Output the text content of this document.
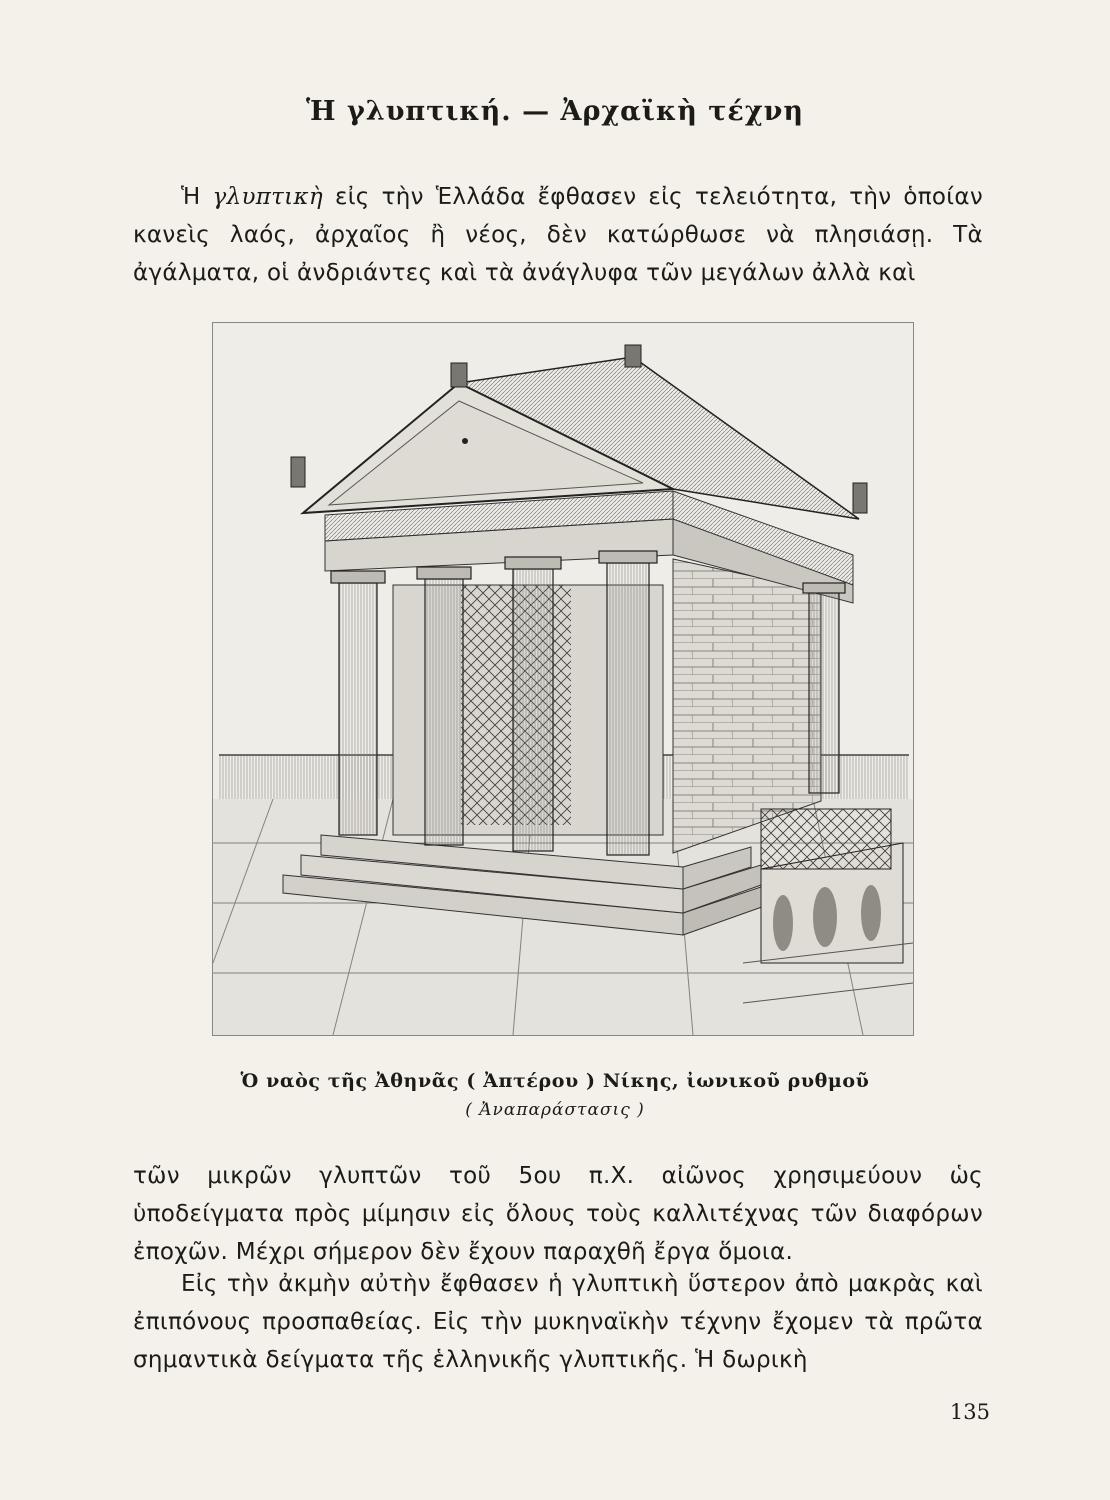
Ἡ γλυπτική. — Ἀρχαϊκὴ τέχνη

Ἡ γλυπτικὴ εἰς τὴν Ἑλλάδα ἔφθασεν εἰς τελειότητα, τὴν ὁποίαν κανεὶς λαός, ἀρχαῖος ἢ νέος, δὲν κατώρθωσε νὰ πλησιάσῃ. Τὰ ἀγάλματα, οἱ ἀνδριάντες καὶ τὰ ἀνάγλυφα τῶν μεγάλων ἀλλὰ καὶ

Ὁ ναὸς τῆς Ἀθηνᾶς ( Ἀπτέρου ) Νίκης, ἰωνικοῦ ρυθμοῦ
( Ἀναπαράστασις )

τῶν μικρῶν γλυπτῶν τοῦ 5ου π.Χ. αἰῶνος χρησιμεύουν ὡς ὑποδείγματα πρὸς μίμησιν εἰς ὅλους τοὺς καλλιτέχνας τῶν διαφόρων ἐποχῶν. Μέχρι σήμερον δὲν ἔχουν παραχθῆ ἔργα ὅμοια.

Εἰς τὴν ἀκμὴν αὐτὴν ἔφθασεν ἡ γλυπτικὴ ὕστερον ἀπὸ μακρὰς καὶ ἐπιπόνους προσπαθείας. Εἰς τὴν μυκηναϊκὴν τέχνην ἔχομεν τὰ πρῶτα σημαντικὰ δείγματα τῆς ἑλληνικῆς γλυπτικῆς. Ἡ δωρικὴ

135
